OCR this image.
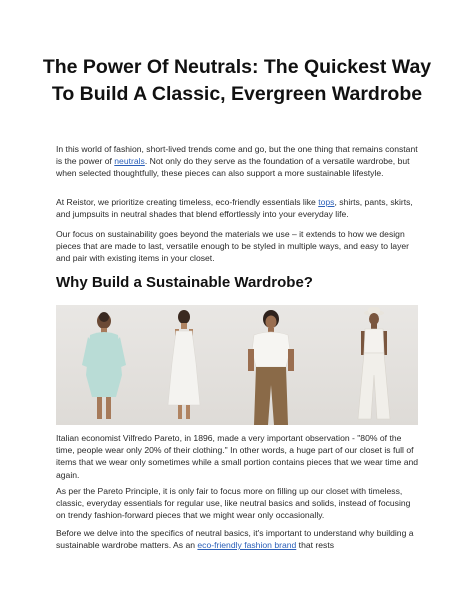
The Power Of Neutrals: The Quickest Way To Build A Classic, Evergreen Wardrobe

In this world of fashion, short-lived trends come and go, but the one thing that remains constant is the power of neutrals. Not only do they serve as the foundation of a versatile wardrobe, but when selected thoughtfully, these pieces can also support a more sustainable lifestyle.

At Reistor, we prioritize creating timeless, eco-friendly essentials like tops, shirts, pants, skirts, and jumpsuits in neutral shades that blend effortlessly into your everyday life.

Our focus on sustainability goes beyond the materials we use – it extends to how we design pieces that are made to last, versatile enough to be styled in multiple ways, and easy to layer and pair with existing items in your closet.

Why Build a Sustainable Wardrobe?

Italian economist Vilfredo Pareto, in 1896, made a very important observation - "80% of the time, people wear only 20% of their clothing." In other words, a huge part of our closet is full of items that we wear only sometimes while a small portion contains pieces that we wear time and again.

As per the Pareto Principle, it is only fair to focus more on filling up our closet with timeless, classic, everyday essentials for regular use, like neutral basics and solids, instead of focusing on trendy fashion-forward pieces that we might wear only occasionally.

Before we delve into the specifics of neutral basics, it's important to understand why building a sustainable wardrobe matters. As an eco-friendly fashion brand that rests
